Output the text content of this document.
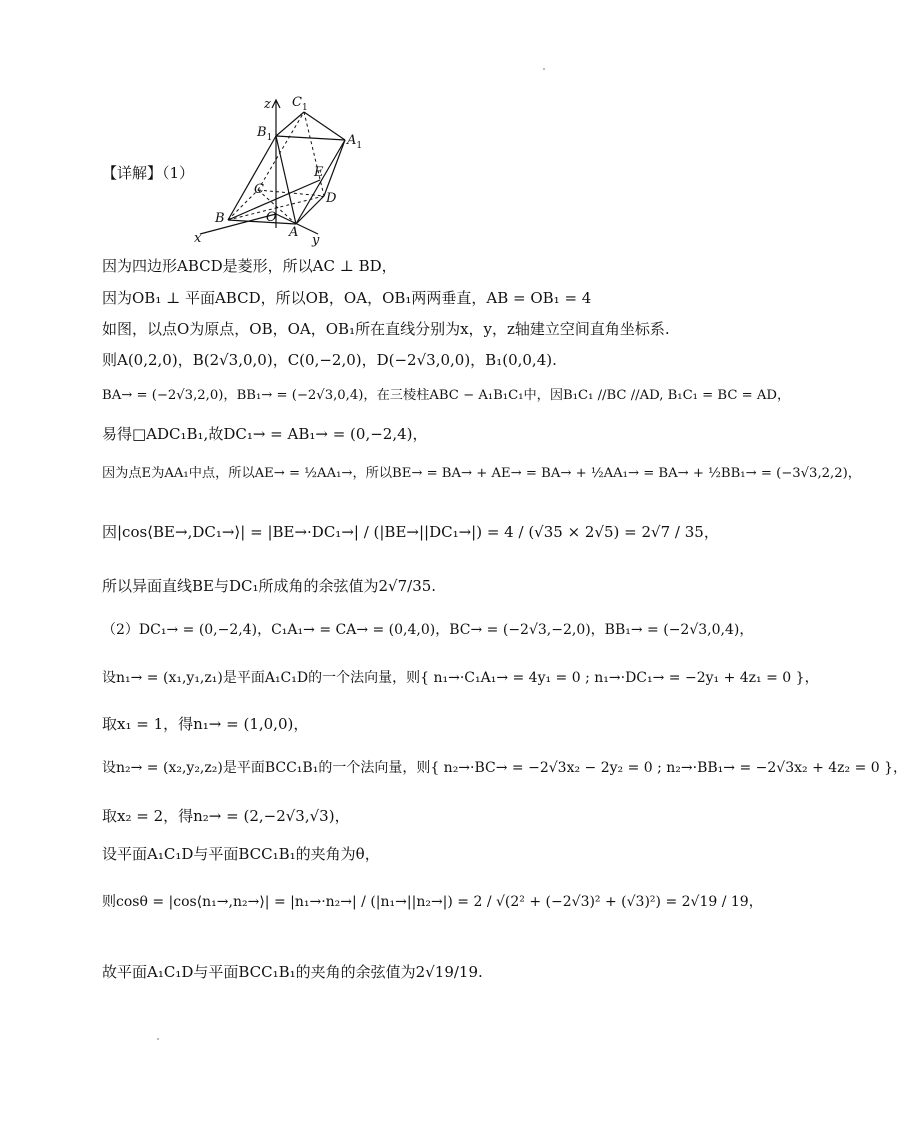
z $C_1$
$B_1$	$A_1$
E
C
D
B	O
A
x	y
【详解】（1）
因为四边形ABCD是菱形，所以AC ⊥ BD，
因为OB₁ ⊥ 平面ABCD，所以OB，OA，OB₁两两垂直，AB = OB₁ = 4
如图，以点O为原点，OB，OA，OB₁所在直线分别为x，y，z轴建立空间直角坐标系.
则A(0,2,0)，B(2√3,0,0)，C(0,−2,0)，D(−2√3,0,0)，B₁(0,0,4).
BA→ = (−2√3,2,0)，BB₁→ = (−2√3,0,4)，在三棱柱ABC − A₁B₁C₁中，因B₁C₁ //BC //AD, B₁C₁ = BC = AD，
易得□ADC₁B₁,故DC₁→ = AB₁→ = (0,−2,4)，
因为点E为AA₁中点，所以AE→ = ½AA₁→，所以BE→ = BA→ + AE→ = BA→ + ½AA₁→ = BA→ + ½BB₁→ = (−3√3,2,2)，
因|cos⟨BE→,DC₁→⟩| = |BE→·DC₁→| / (|BE→||DC₁→|) = 4 / (√35 × 2√5) = 2√7 / 35，
所以异面直线BE与DC₁所成角的余弦值为2√7/35.
（2）DC₁→ = (0,−2,4)，C₁A₁→ = CA→ = (0,4,0)，BC→ = (−2√3,−2,0)，BB₁→ = (−2√3,0,4)，
设n₁→ = (x₁,y₁,z₁)是平面A₁C₁D的一个法向量，则{ n₁→·C₁A₁→ = 4y₁ = 0 ; n₁→·DC₁→ = −2y₁ + 4z₁ = 0 }，
取x₁ = 1，得n₁→ = (1,0,0)，
设n₂→ = (x₂,y₂,z₂)是平面BCC₁B₁的一个法向量，则{ n₂→·BC→ = −2√3x₂ − 2y₂ = 0 ; n₂→·BB₁→ = −2√3x₂ + 4z₂ = 0 }，
取x₂ = 2，得n₂→ = (2,−2√3,√3)，
设平面A₁C₁D与平面BCC₁B₁的夹角为θ，
则cosθ = |cos⟨n₁→,n₂→⟩| = |n₁→·n₂→| / (|n₁→||n₂→|) = 2 / √(2² + (−2√3)² + (√3)²) = 2√19 / 19，
故平面A₁C₁D与平面BCC₁B₁的夹角的余弦值为2√19/19.
